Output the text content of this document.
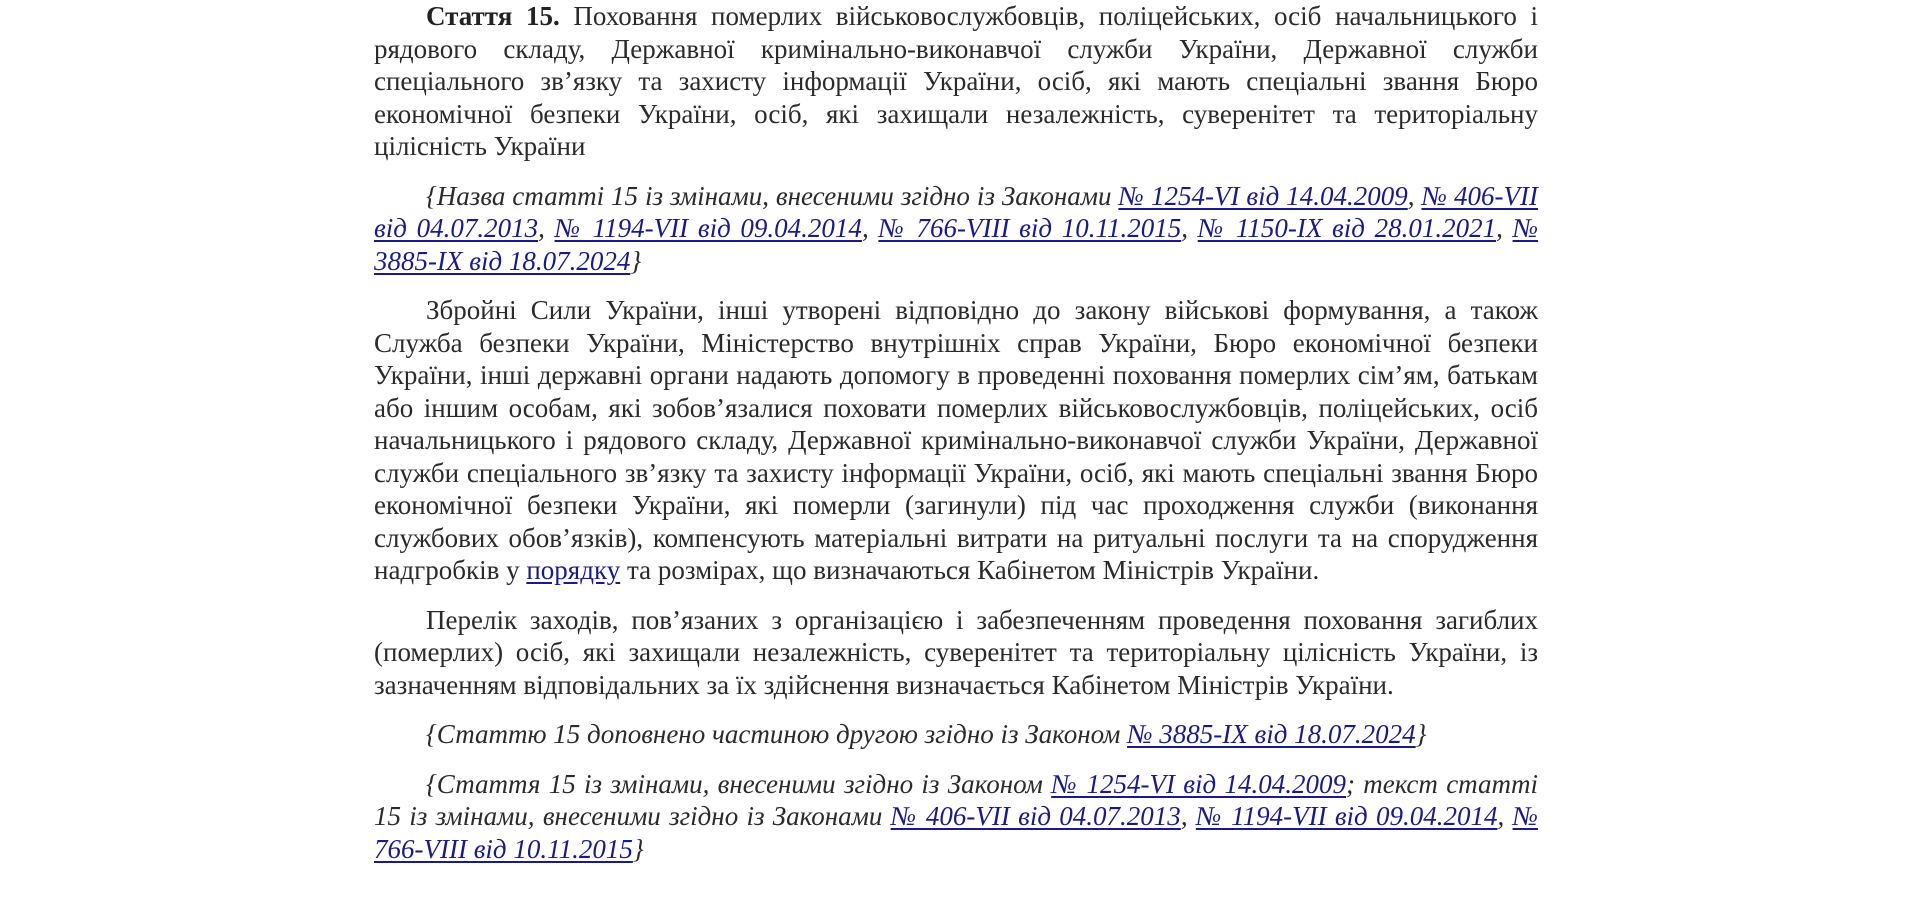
Стаття 15. Поховання померлих військовослужбовців, поліцейських, осіб начальницького і рядового складу, Державної кримінально-виконавчої служби України, Державної служби спеціального зв’язку та захисту інформації України, осіб, які мають спеціальні звання Бюро економічної безпеки України, осіб, які захищали незалежність, суверенітет та територіальну цілісність України

{Назва статті 15 із змінами, внесеними згідно із Законами № 1254-VI від 14.04.2009, № 406-VII від 04.07.2013, № 1194-VII від 09.04.2014, № 766-VIII від 10.11.2015, № 1150-IX від 28.01.2021, № 3885-IX від 18.07.2024}

Збройні Сили України, інші утворені відповідно до закону військові формування, а також Служба безпеки України, Міністерство внутрішніх справ України, Бюро економічної безпеки України, інші державні органи надають допомогу в проведенні поховання померлих сім’ям, батькам або іншим особам, які зобов’язалися поховати померлих військовослужбовців, поліцейських, осіб начальницького і рядового складу, Державної кримінально-виконавчої служби України, Державної служби спеціального зв’язку та захисту інформації України, осіб, які мають спеціальні звання Бюро економічної безпеки України, які померли (загинули) під час проходження служби (виконання службових обов’язків), компенсують матеріальні витрати на ритуальні послуги та на спорудження надгробків у порядку та розмірах, що визначаються Кабінетом Міністрів України.

Перелік заходів, пов’язаних з організацією і забезпеченням проведення поховання загиблих (померлих) осіб, які захищали незалежність, суверенітет та територіальну цілісність України, із зазначенням відповідальних за їх здійснення визначається Кабінетом Міністрів України.

{Статтю 15 доповнено частиною другою згідно із Законом № 3885-IX від 18.07.2024}

{Стаття 15 із змінами, внесеними згідно із Законом № 1254-VI від 14.04.2009; текст статті 15 із змінами, внесеними згідно із Законами № 406-VII від 04.07.2013, № 1194-VII від 09.04.2014, № 766-VIII від 10.11.2015}
